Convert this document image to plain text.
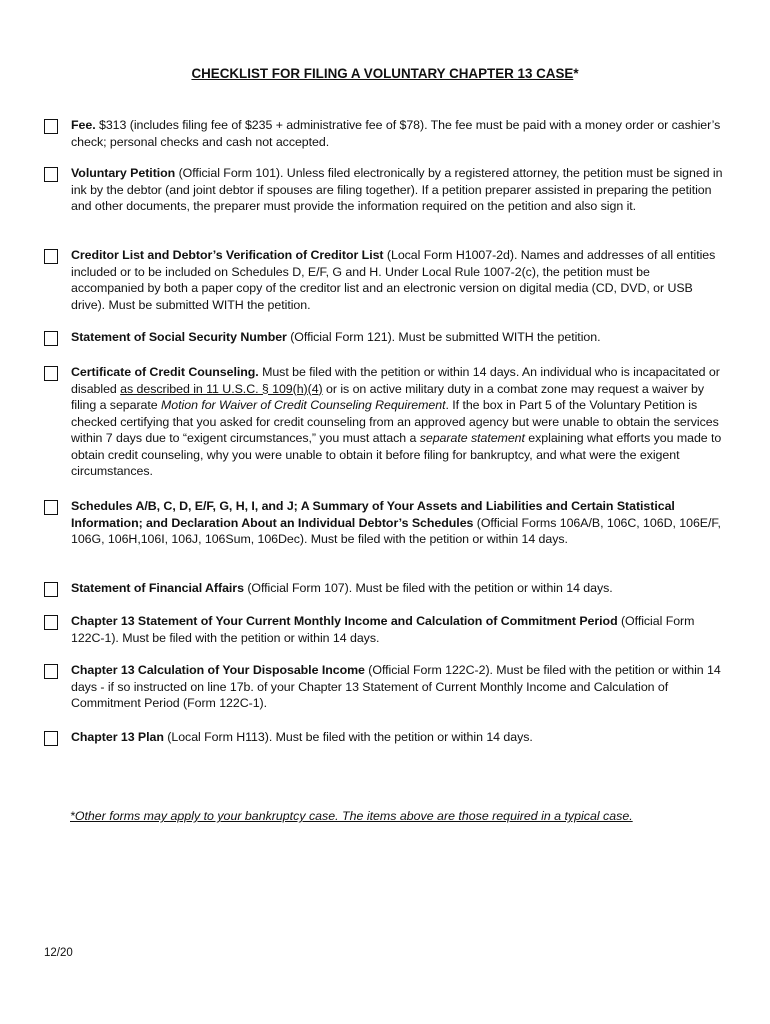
CHECKLIST FOR FILING A VOLUNTARY CHAPTER 13 CASE*
Fee. $313 (includes filing fee of $235 + administrative fee of $78). The fee must be paid with a money order or cashier’s check; personal checks and cash not accepted.
Voluntary Petition (Official Form 101). Unless filed electronically by a registered attorney, the petition must be signed in ink by the debtor (and joint debtor if spouses are filing together). If a petition preparer assisted in preparing the petition and other documents, the preparer must provide the information required on the petition and also sign it.
Creditor List and Debtor’s Verification of Creditor List (Local Form H1007-2d). Names and addresses of all entities included or to be included on Schedules D, E/F, G and H. Under Local Rule 1007-2(c), the petition must be accompanied by both a paper copy of the creditor list and an electronic version on digital media (CD, DVD, or USB drive). Must be submitted WITH the petition.
Statement of Social Security Number (Official Form 121). Must be submitted WITH the petition.
Certificate of Credit Counseling. Must be filed with the petition or within 14 days. An individual who is incapacitated or disabled as described in 11 U.S.C. § 109(h)(4) or is on active military duty in a combat zone may request a waiver by filing a separate Motion for Waiver of Credit Counseling Requirement. If the box in Part 5 of the Voluntary Petition is checked certifying that you asked for credit counseling from an approved agency but were unable to obtain the services within 7 days due to “exigent circumstances,” you must attach a separate statement explaining what efforts you made to obtain credit counseling, why you were unable to obtain it before filing for bankruptcy, and what were the exigent circumstances.
Schedules A/B, C, D, E/F, G, H, I, and J; A Summary of Your Assets and Liabilities and Certain Statistical Information; and Declaration About an Individual Debtor’s Schedules (Official Forms 106A/B, 106C, 106D, 106E/F, 106G, 106H,106I, 106J, 106Sum, 106Dec). Must be filed with the petition or within 14 days.
Statement of Financial Affairs (Official Form 107). Must be filed with the petition or within 14 days.
Chapter 13 Statement of Your Current Monthly Income and Calculation of Commitment Period (Official Form 122C-1). Must be filed with the petition or within 14 days.
Chapter 13 Calculation of Your Disposable Income (Official Form 122C-2). Must be filed with the petition or within 14 days - if so instructed on line 17b. of your Chapter 13 Statement of Current Monthly Income and Calculation of Commitment Period (Form 122C-1).
Chapter 13 Plan (Local Form H113). Must be filed with the petition or within 14 days.

*Other forms may apply to your bankruptcy case. The items above are those required in a typical case.

12/20
